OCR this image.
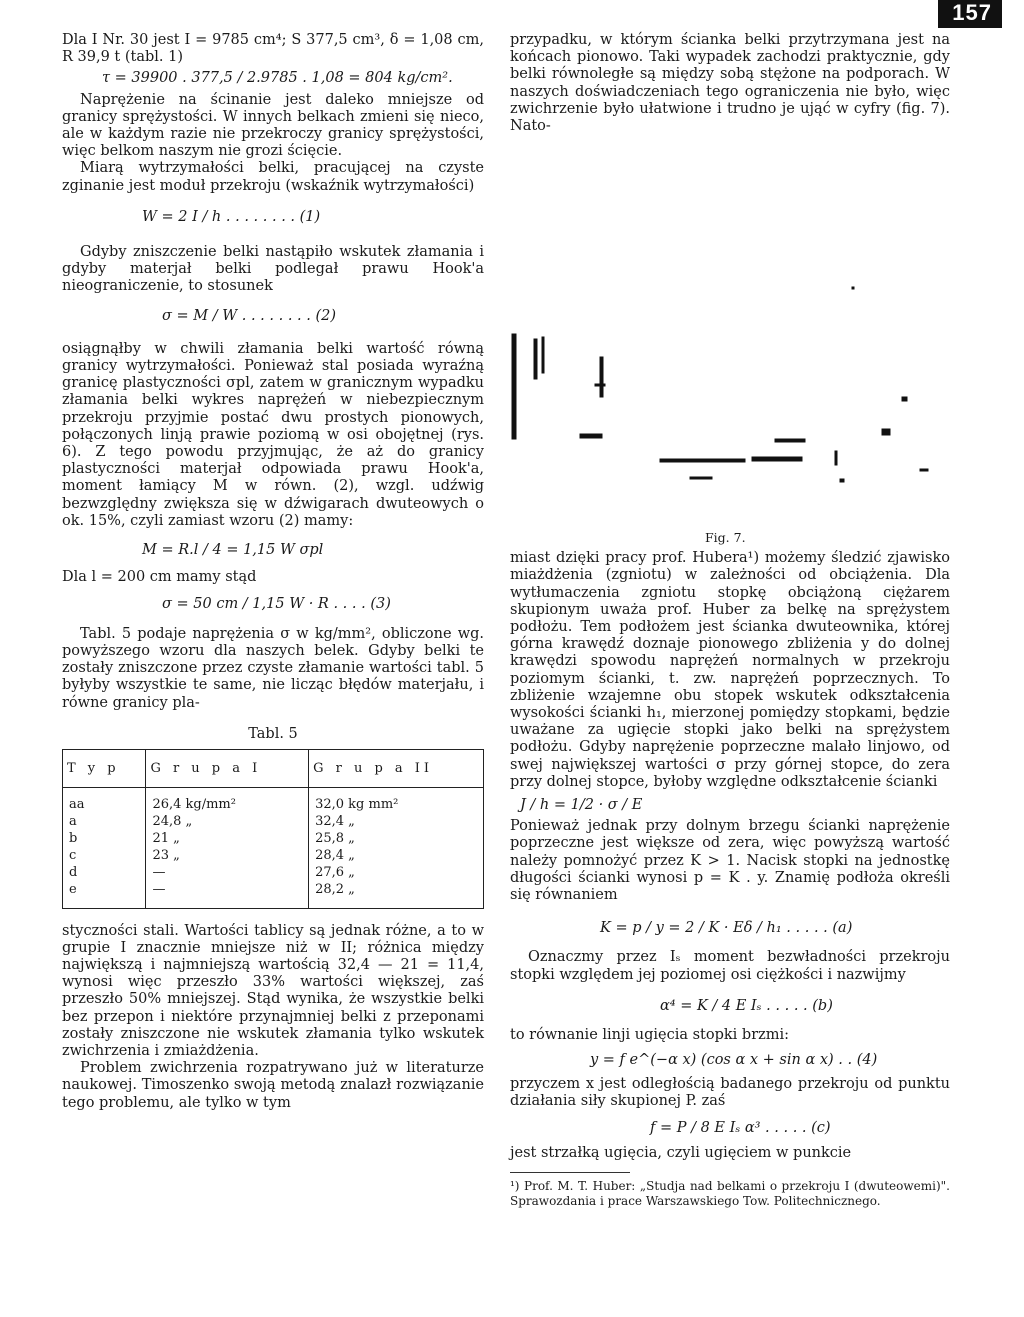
157

Dla I Nr. 30 jest I = 9785 cm⁴; S 377,5 cm³, δ = 1,08 cm, R 39,9 t (tabl. 1)

τ = 39900 . 377,5 / 2.9785 . 1,08 = 804 kg/cm².

Naprężenie na ścinanie jest daleko mniejsze od granicy sprężystości. W innych belkach zmieni się nieco, ale w każdym razie nie przekroczy granicy sprężystości, więc belkom naszym nie grozi ścięcie.

Miarą wytrzymałości belki, pracującej na czyste zginanie jest moduł przekroju (wskaźnik wytrzymałości)

W = 2 I / h . . . . . . . . (1)

Gdyby zniszczenie belki nastąpiło wskutek złamania i gdyby materjał belki podlegał prawu Hook'a nieograniczenie, to stosunek

σ = M / W . . . . . . . . (2)

osiągnąłby w chwili złamania belki wartość równą granicy wytrzymałości. Ponieważ stal posiada wyraźną granicę plastyczności σpl, zatem w granicznym wypadku złamania belki wykres naprężeń w niebezpiecznym przekroju przyjmie postać dwu prostych pionowych, połączonych linją prawie poziomą w osi obojętnej (rys. 6). Z tego powodu przyjmując, że aż do granicy plastyczności materjał odpowiada prawu Hook'a, moment łamiący M w równ. (2), wzgl. udźwig bezwzględny zwiększa się w dźwigarach dwuteowych o ok. 15%, czyli zamiast wzoru (2) mamy:

M = R.l / 4 = 1,15 W σpl

Dla l = 200 cm mamy stąd

σ = 50 cm / 1,15 W · R . . . . (3)

Tabl. 5 podaje naprężenia σ w kg/mm², obliczone wg. powyższego wzoru dla naszych belek. Gdyby belki te zostały zniszczone przez czyste złamanie wartości tabl. 5 byłyby wszystkie te same, nie licząc błędów materjału, i równe granicy pla-

Tabl. 5

T y p	G r u p a I	G r u p a II

aa	26,4 kg/mm²	32,0 kg mm²
a	24,8 „	32,4 „
b	21 „	25,8 „
c	23 „	28,4 „
d	—	27,6 „
e	—	28,2 „

styczności stali. Wartości tablicy są jednak różne, a to w grupie I znacznie mniejsze niż w II; różnica między największą i najmniejszą wartością 32,4 — 21 = 11,4, wynosi więc przeszło 33% wartości większej, zaś przeszło 50% mniejszej. Stąd wynika, że wszystkie belki bez przepon i niektóre przynajmniej belki z przeponami zostały zniszczone nie wskutek złamania tylko wskutek zwichrzenia i zmiażdżenia.

Problem zwichrzenia rozpatrywano już w literaturze naukowej. Timoszenko swoją metodą znalazł rozwiązanie tego problemu, ale tylko w tym

przypadku, w którym ścianka belki przytrzymana jest na końcach pionowo. Taki wypadek zachodzi praktycznie, gdy belki równoległe są między sobą stężone na podporach. W naszych doświadczeniach tego ograniczenia nie było, więc zwichrzenie było ułatwione i trudno je ująć w cyfry (fig. 7). Nato-

Fig. 7.

miast dzięki pracy prof. Hubera¹) możemy śledzić zjawisko miażdżenia (zgniotu) w zależności od obciążenia. Dla wytłumaczenia zgniotu stopkę obciążoną ciężarem skupionym uważa prof. Huber za belkę na sprężystem podłożu. Tem podłożem jest ścianka dwuteownika, której górna krawędź doznaje pionowego zbliżenia y do dolnej krawędzi spowodu naprężeń normalnych w przekroju poziomym ścianki, t. zw. naprężeń poprzecznych. To zbliżenie wzajemne obu stopek wskutek odkształcenia wysokości ścianki h₁, mierzonej pomiędzy stopkami, będzie uważane za ugięcie stopki jako belki na sprężystem podłożu. Gdyby naprężenie poprzeczne malało linjowo, od swej największej wartości σ przy górnej stopce, do zera przy dolnej stopce, byłoby względne odkształcenie ścianki

J / h = 1/2 · σ / E

Ponieważ jednak przy dolnym brzegu ścianki naprężenie poprzeczne jest większe od zera, więc powyższą wartość należy pomnożyć przez K > 1. Nacisk stopki na jednostkę długości ścianki wynosi p = K . y. Znamię podłoża określi się równaniem

K = p / y = 2 / K · Eδ / h₁ . . . . . (a)

Oznaczmy przez Iₛ moment bezwładności przekroju stopki względem jej poziomej osi ciężkości i nazwijmy

α⁴ = K / 4 E Iₛ . . . . . (b)

to równanie linji ugięcia stopki brzmi:

y = f e^(−α x) (cos α x + sin α x) . . (4)

przyczem x jest odległością badanego przekroju od punktu działania siły skupionej P. zaś

f = P / 8 E Iₛ α³ . . . . . (c)

jest strzałką ugięcia, czyli ugięciem w punkcie

¹) Prof. M. T. Huber: „Studja nad belkami o przekroju I (dwuteowemi)". Sprawozdania i prace Warszawskiego Tow. Politechnicznego.
